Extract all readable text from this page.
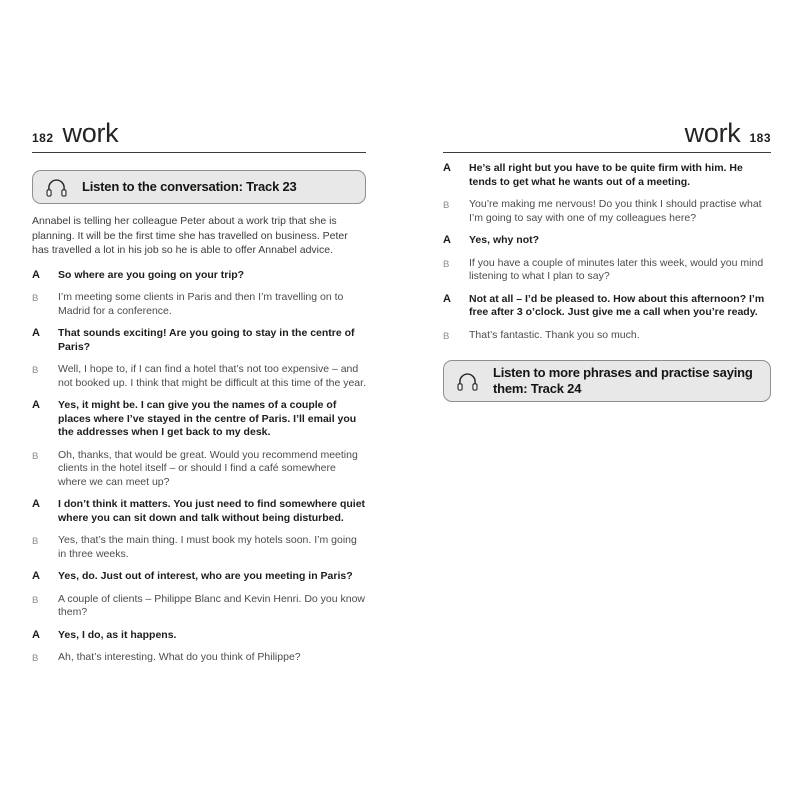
182 work
Listen to the conversation: Track 23

Annabel is telling her colleague Peter about a work trip that she is planning. It will be the first time she has travelled on business. Peter has travelled a lot in his job so he is able to offer Annabel advice.

A	So where are you going on your trip?
B	I’m meeting some clients in Paris and then I’m travelling on to Madrid for a conference.
A	That sounds exciting! Are you going to stay in the centre of Paris?
B	Well, I hope to, if I can find a hotel that’s not too expensive – and not booked up. I think that might be difficult at this time of the year.
A	Yes, it might be. I can give you the names of a couple of places where I’ve stayed in the centre of Paris. I’ll email you the addresses when I get back to my desk.
B	Oh, thanks, that would be great. Would you recommend meeting clients in the hotel itself – or should I find a café somewhere where we can meet up?
A	I don’t think it matters. You just need to find somewhere quiet where you can sit down and talk without being disturbed.
B	Yes, that’s the main thing. I must book my hotels soon. I’m going in three weeks.
A	Yes, do. Just out of interest, who are you meeting in Paris?
B	A couple of clients – Philippe Blanc and Kevin Henri. Do you know them?
A	Yes, I do, as it happens.
B	Ah, that’s interesting. What do you think of Philippe?
work 183
A	He’s all right but you have to be quite firm with him. He tends to get what he wants out of a meeting.
B	You’re making me nervous! Do you think I should practise what I’m going to say with one of my colleagues here?
A	Yes, why not?
B	If you have a couple of minutes later this week, would you mind listening to what I plan to say?
A	Not at all – I’d be pleased to. How about this afternoon? I’m free after 3 o’clock. Just give me a call when you’re ready.
B	That’s fantastic. Thank you so much.
Listen to more phrases and practise saying them: Track 24
